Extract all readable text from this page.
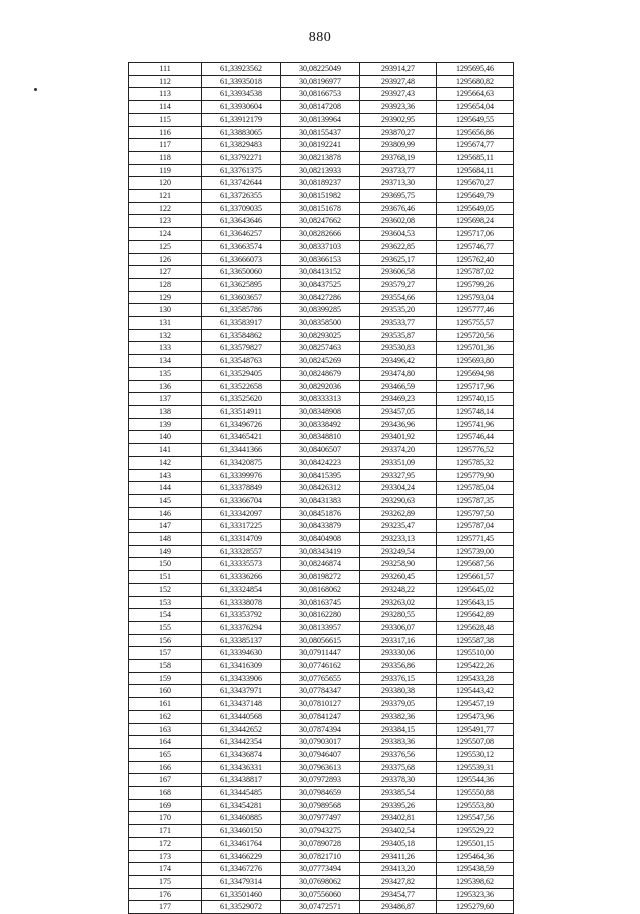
880
111	61,33923562	30,08225049	293914,27	1295695,46
112	61,33935018	30,08196977	293927,48	1295680,82
113	61,33934538	30,08166753	293927,43	1295664,63
114	61,33930604	30,08147208	293923,36	1295654,04
115	61,33912179	30,08139964	293902,95	1295649,55
116	61,33883065	30,08155437	293870,27	1295656,86
117	61,33829483	30,08192241	293809,99	1295674,77
118	61,33792271	30,08213878	293768,19	1295685,11
119	61,33761375	30,08213933	293733,77	1295684,11
120	61,33742644	30,08189237	293713,30	1295670,27
121	61,33726355	30,08151982	293695,75	1295649,79
122	61,33709035	30,08151678	293676,46	1295649,05
123	61,33643646	30,08247662	293602,08	1295698,24
124	61,33646257	30,08282666	293604,53	1295717,06
125	61,33663574	30,08337103	293622,85	1295746,77
126	61,33666073	30,08366153	293625,17	1295762,40
127	61,33650060	30,08413152	293606,58	1295787,02
128	61,33625895	30,08437525	293579,27	1295799,26
129	61,33603657	30,08427286	293554,66	1295793,04
130	61,33585786	30,08399285	293535,20	1295777,46
131	61,33583917	30,08358500	293533,77	1295755,57
132	61,33584862	30,08293025	293535,87	1295720,56
133	61,33579827	30,08257463	293530,83	1295701,36
134	61,33548763	30,08245269	293496,42	1295693,80
135	61,33529405	30,08248679	293474,80	1295694,98
136	61,33522658	30,08292036	293466,59	1295717,96
137	61,33525620	30,08333313	293469,23	1295740,15
138	61,33514911	30,08348908	293457,05	1295748,14
139	61,33496726	30,08338492	293436,96	1295741,96
140	61,33465421	30,08348810	293401,92	1295746,44
141	61,33441366	30,08406507	293374,20	1295776,52
142	61,33420875	30,08424223	293351,09	1295785,32
143	61,33399976	30,08415395	293327,95	1295779,90
144	61,33378849	30,08426312	293304,24	1295785,04
145	61,33366704	30,08431383	293290,63	1295787,35
146	61,33342097	30,08451876	293262,89	1295797,50
147	61,33317225	30,08433879	293235,47	1295787,04
148	61,33314709	30,08404908	293233,13	1295771,45
149	61,33328557	30,08343419	293249,54	1295739,00
150	61,33335573	30,08246874	293258,90	1295687,56
151	61,33336266	30,08198272	293260,45	1295661,57
152	61,33324854	30,08168062	293248,22	1295645,02
153	61,33338078	30,08163745	293263,02	1295643,15
154	61,33353792	30,08162280	293280,55	1295642,89
155	61,33376294	30,08133957	293306,07	1295628,48
156	61,33385137	30,08056615	293317,16	1295587,38
157	61,33394630	30,07911447	293330,06	1295510,00
158	61,33416309	30,07746162	293356,86	1295422,26
159	61,33433906	30,07765655	293376,15	1295433,28
160	61,33437971	30,07784347	293380,38	1295443,42
161	61,33437148	30,07810127	293379,05	1295457,19
162	61,33440568	30,07841247	293382,36	1295473,96
163	61,33442652	30,07874394	293384,15	1295491,77
164	61,33442354	30,07903017	293383,36	1295507,08
165	61,33436874	30,07946407	293376,56	1295530,12
166	61,33436331	30,07963613	293375,68	1295539,31
167	61,33438817	30,07972893	293378,30	1295544,36
168	61,33445485	30,07984659	293385,54	1295550,88
169	61,33454281	30,07989568	293395,26	1295553,80
170	61,33460885	30,07977497	293402,81	1295547,56
171	61,33460150	30,07943275	293402,54	1295529,22
172	61,33461764	30,07890728	293405,18	1295501,15
173	61,33466229	30,07821710	293411,26	1295464,36
174	61,33467276	30,07773494	293413,20	1295438,59
175	61,33479314	30,07698062	293427,82	1295398,62
176	61,33501460	30,07556060	293454,77	1295323,36
177	61,33529072	30,07472571	293486,87	1295279,60
